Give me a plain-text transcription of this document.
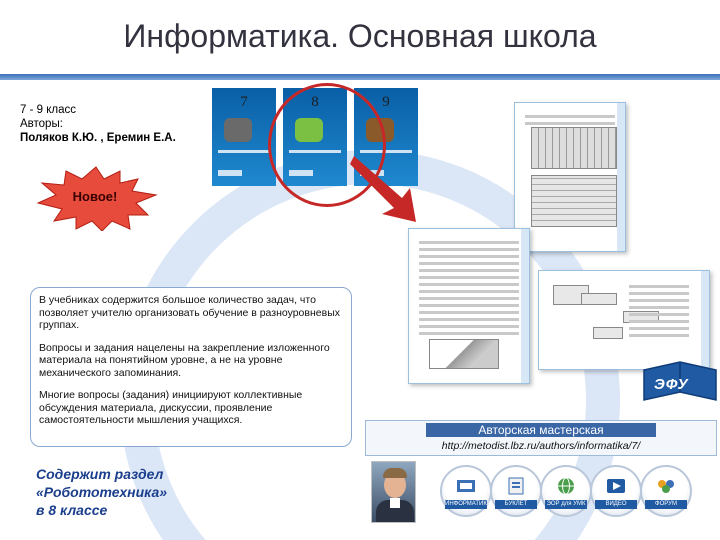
Информатика. Основная школа
7 - 9 класс
Авторы:
Поляков К.Ю. , Еремин Е.А.
7	8	9
Новое!

В учебниках содержится большое количество задач, что позволяет учителю организовать обучение в разноуровневых группах.

Вопросы и задания нацелены на закрепление изложенного материала на понятийном уровне, а не на уровне механического запоминания.

Многие вопросы (задания) инициируют коллективные обсуждения материала, дискуссии, проявление самостоятельности мышления учащихся.

ЭФУ
Авторская мастерская
http://metodist.lbz.ru/authors/informatika/7/
ИНФОРМАТИКА	БУКЛЕТ	ЭОР для УМК	ВИДЕО	ФОРУМ
Содержит раздел
«Робототехника»
в 8 классе
